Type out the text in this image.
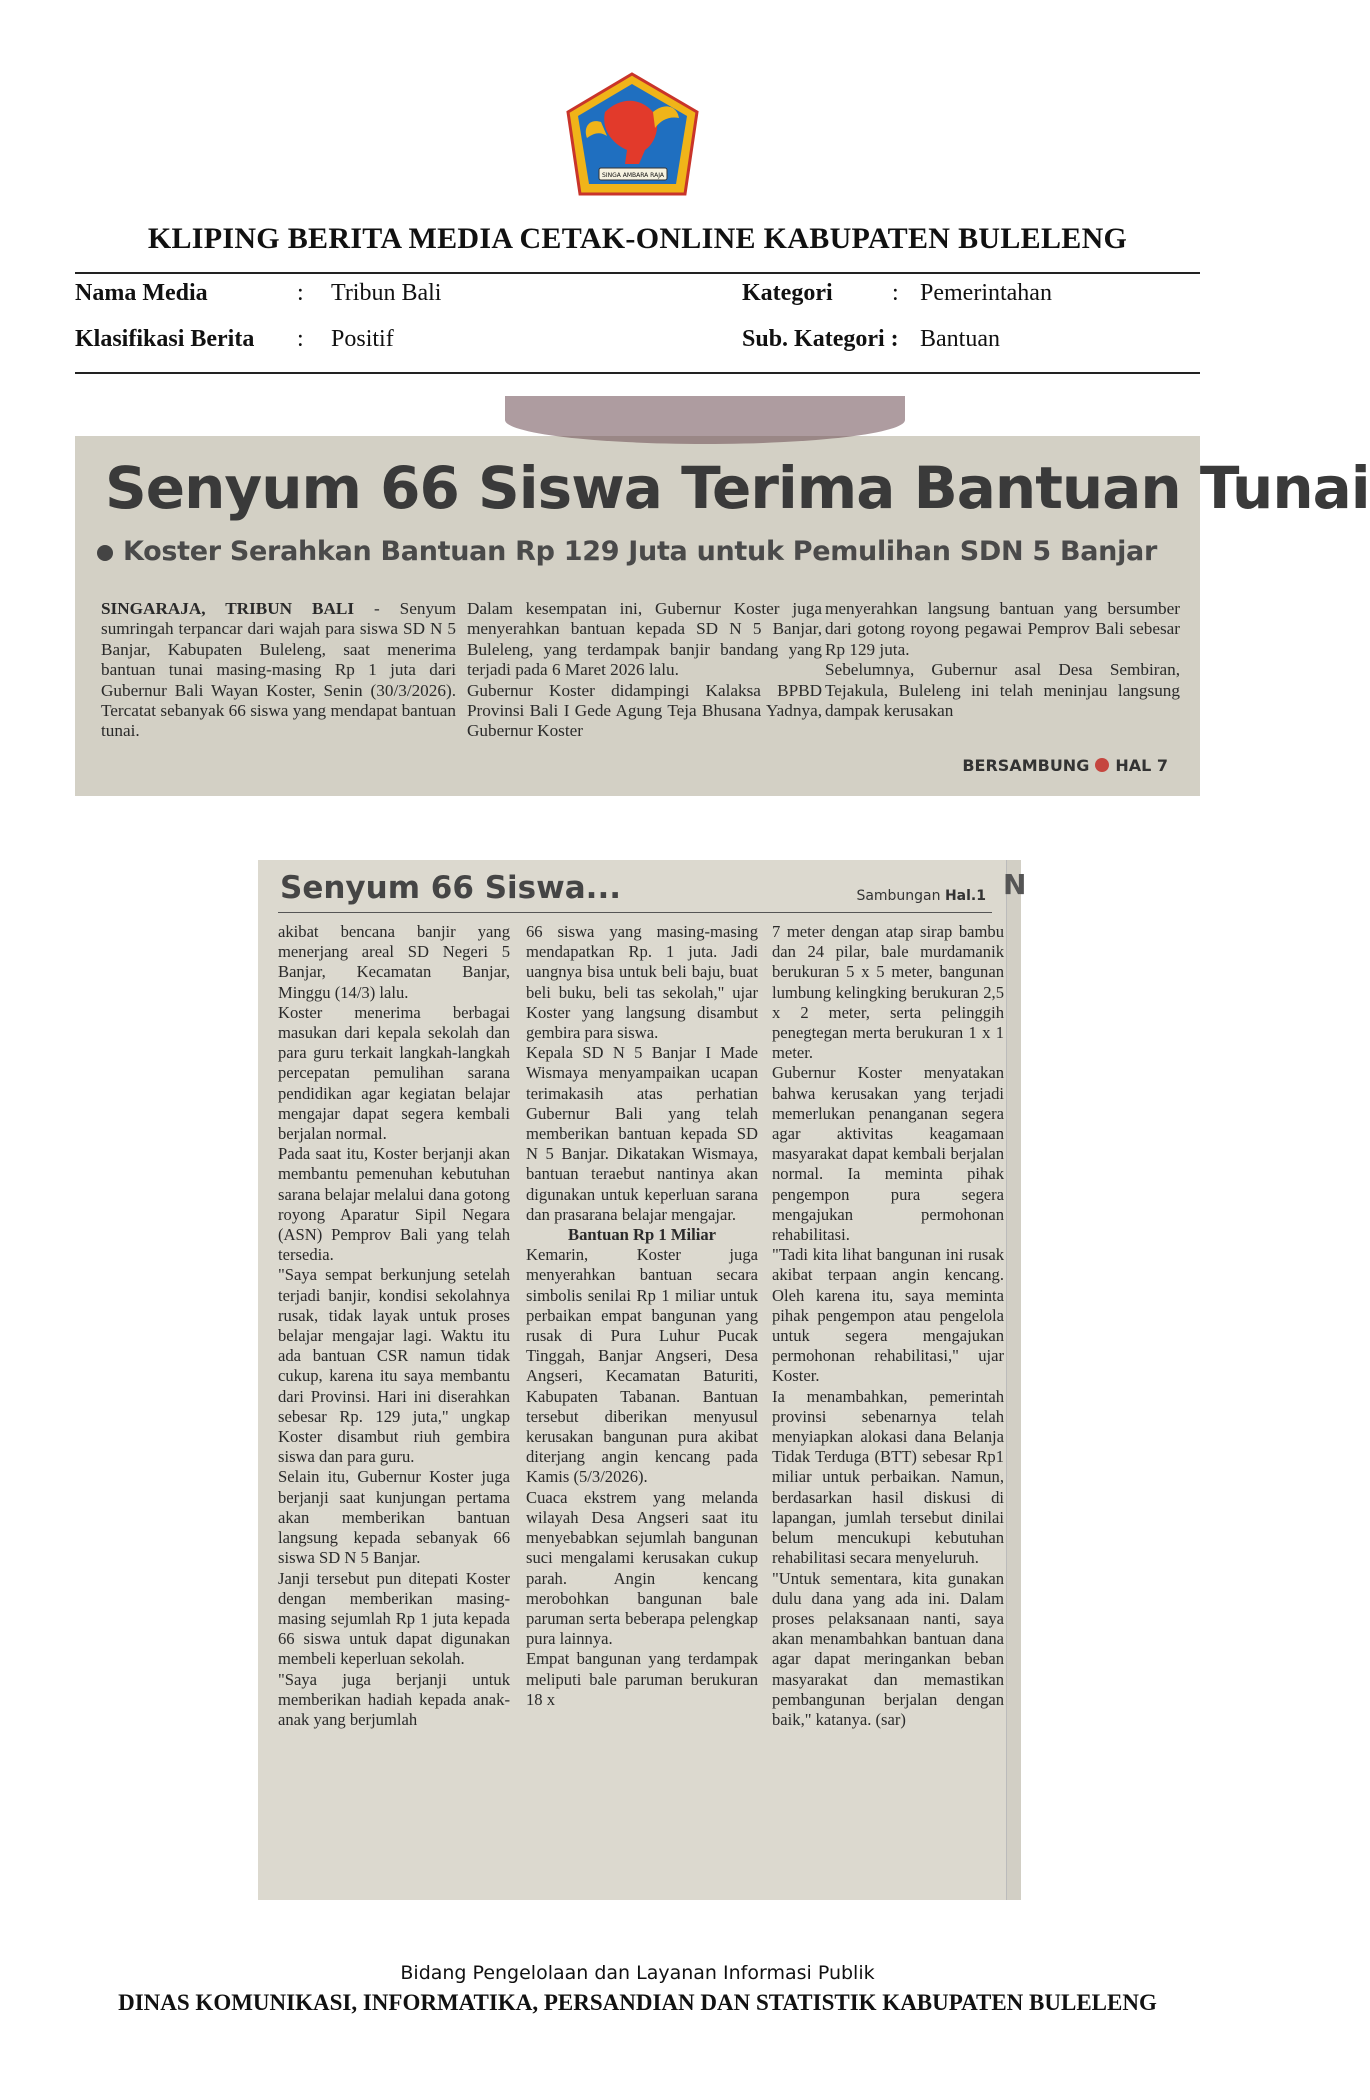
SINGA AMBARA RAJA
KLIPING BERITA MEDIA CETAK-ONLINE KABUPATEN BULELENG
Nama Media	: Tribun Bali
Klasifikasi Berita : Positif
Kategori : Pemerintahan
Sub. Kategori : Bantuan
Senyum 66 Siswa Terima Bantuan Tunai
Koster Serahkan Bantuan Rp 129 Juta untuk Pemulihan SDN 5 Banjar
SINGARAJA, TRIBUN BALI - Senyum sumringah terpancar dari wajah para siswa SD N 5 Banjar, Kabupaten Buleleng, saat menerima bantuan tunai masing-masing Rp 1 juta dari Gubernur Bali Wayan Koster, Senin (30/3/2026). Tercatat sebanyak 66 siswa yang mendapat bantuan tunai.
Dalam kesempatan ini, Gubernur Koster juga menyerahkan bantuan kepada SD N 5 Banjar, Buleleng, yang terdampak banjir bandang yang terjadi pada 6 Maret 2026 lalu.
Gubernur Koster didampingi Kalaksa BPBD Provinsi Bali I Gede Agung Teja Bhusana Yadnya, Gubernur Koster
menyerahkan langsung bantuan yang bersumber dari gotong royong pegawai Pemprov Bali sebesar Rp 129 juta.
Sebelumnya, Gubernur asal Desa Sembiran, Tejakula, Buleleng ini telah meninjau langsung dampak kerusakan
BERSAMBUNG HAL 7
Senyum 66 Siswa...	Sambungan Hal.1
akibat bencana banjir yang menerjang areal SD Negeri 5 Banjar, Kecamatan Banjar, Minggu (14/3) lalu.
Koster menerima berbagai masukan dari kepala sekolah dan para guru terkait langkah-langkah percepatan pemulihan sarana pendidikan agar kegiatan belajar mengajar dapat segera kembali berjalan normal.
Pada saat itu, Koster berjanji akan membantu pemenuhan kebutuhan sarana belajar melalui dana gotong royong Aparatur Sipil Negara (ASN) Pemprov Bali yang telah tersedia.
"Saya sempat berkunjung setelah terjadi banjir, kondisi sekolahnya rusak, tidak layak untuk proses belajar mengajar lagi. Waktu itu ada bantuan CSR namun tidak cukup, karena itu saya membantu dari Provinsi. Hari ini diserahkan sebesar Rp. 129 juta," ungkap Koster disambut riuh gembira siswa dan para guru.
Selain itu, Gubernur Koster juga berjanji saat kunjungan pertama akan memberikan bantuan langsung kepada sebanyak 66 siswa SD N 5 Banjar.
Janji tersebut pun ditepati Koster dengan memberikan masing-masing sejumlah Rp 1 juta kepada 66 siswa untuk dapat digunakan membeli keperluan sekolah.
"Saya juga berjanji untuk memberikan hadiah kepada anak-anak yang berjumlah
66 siswa yang masing-masing mendapatkan Rp. 1 juta. Jadi uangnya bisa untuk beli baju, buat beli buku, beli tas sekolah," ujar Koster yang langsung disambut gembira para siswa.
Kepala SD N 5 Banjar I Made Wismaya menyampaikan ucapan terimakasih atas perhatian Gubernur Bali yang telah memberikan bantuan kepada SD N 5 Banjar. Dikatakan Wismaya, bantuan teraebut nantinya akan digunakan untuk keperluan sarana dan prasarana belajar mengajar.
Bantuan Rp 1 Miliar
Kemarin, Koster juga menyerahkan bantuan secara simbolis senilai Rp 1 miliar untuk perbaikan empat bangunan yang rusak di Pura Luhur Pucak Tinggah, Banjar Angseri, Desa Angseri, Kecamatan Baturiti, Kabupaten Tabanan. Bantuan tersebut diberikan menyusul kerusakan bangunan pura akibat diterjang angin kencang pada Kamis (5/3/2026).
Cuaca ekstrem yang melanda wilayah Desa Angseri saat itu menyebabkan sejumlah bangunan suci mengalami kerusakan cukup parah. Angin kencang merobohkan bangunan bale paruman serta beberapa pelengkap pura lainnya.
Empat bangunan yang terdampak meliputi bale paruman berukuran 18 x
7 meter dengan atap sirap bambu dan 24 pilar, bale murdamanik berukuran 5 x 5 meter, bangunan lumbung kelingking berukuran 2,5 x 2 meter, serta pelinggih penegtegan merta berukuran 1 x 1 meter.
Gubernur Koster menyatakan bahwa kerusakan yang terjadi memerlukan penanganan segera agar aktivitas keagamaan masyarakat dapat kembali berjalan normal. Ia meminta pihak pengempon pura segera mengajukan permohonan rehabilitasi.
"Tadi kita lihat bangunan ini rusak akibat terpaan angin kencang. Oleh karena itu, saya meminta pihak pengempon atau pengelola untuk segera mengajukan permohonan rehabilitasi," ujar Koster.
Ia menambahkan, pemerintah provinsi sebenarnya telah menyiapkan alokasi dana Belanja Tidak Terduga (BTT) sebesar Rp1 miliar untuk perbaikan. Namun, berdasarkan hasil diskusi di lapangan, jumlah tersebut dinilai belum mencukupi kebutuhan rehabilitasi secara menyeluruh.
"Untuk sementara, kita gunakan dulu dana yang ada ini. Dalam proses pelaksanaan nanti, saya akan menambahkan bantuan dana agar dapat meringankan beban masyarakat dan memastikan pembangunan berjalan dengan baik," katanya. (sar)
N
Bidang Pengelolaan dan Layanan Informasi Publik
DINAS KOMUNIKASI, INFORMATIKA, PERSANDIAN DAN STATISTIK KABUPATEN BULELENG
